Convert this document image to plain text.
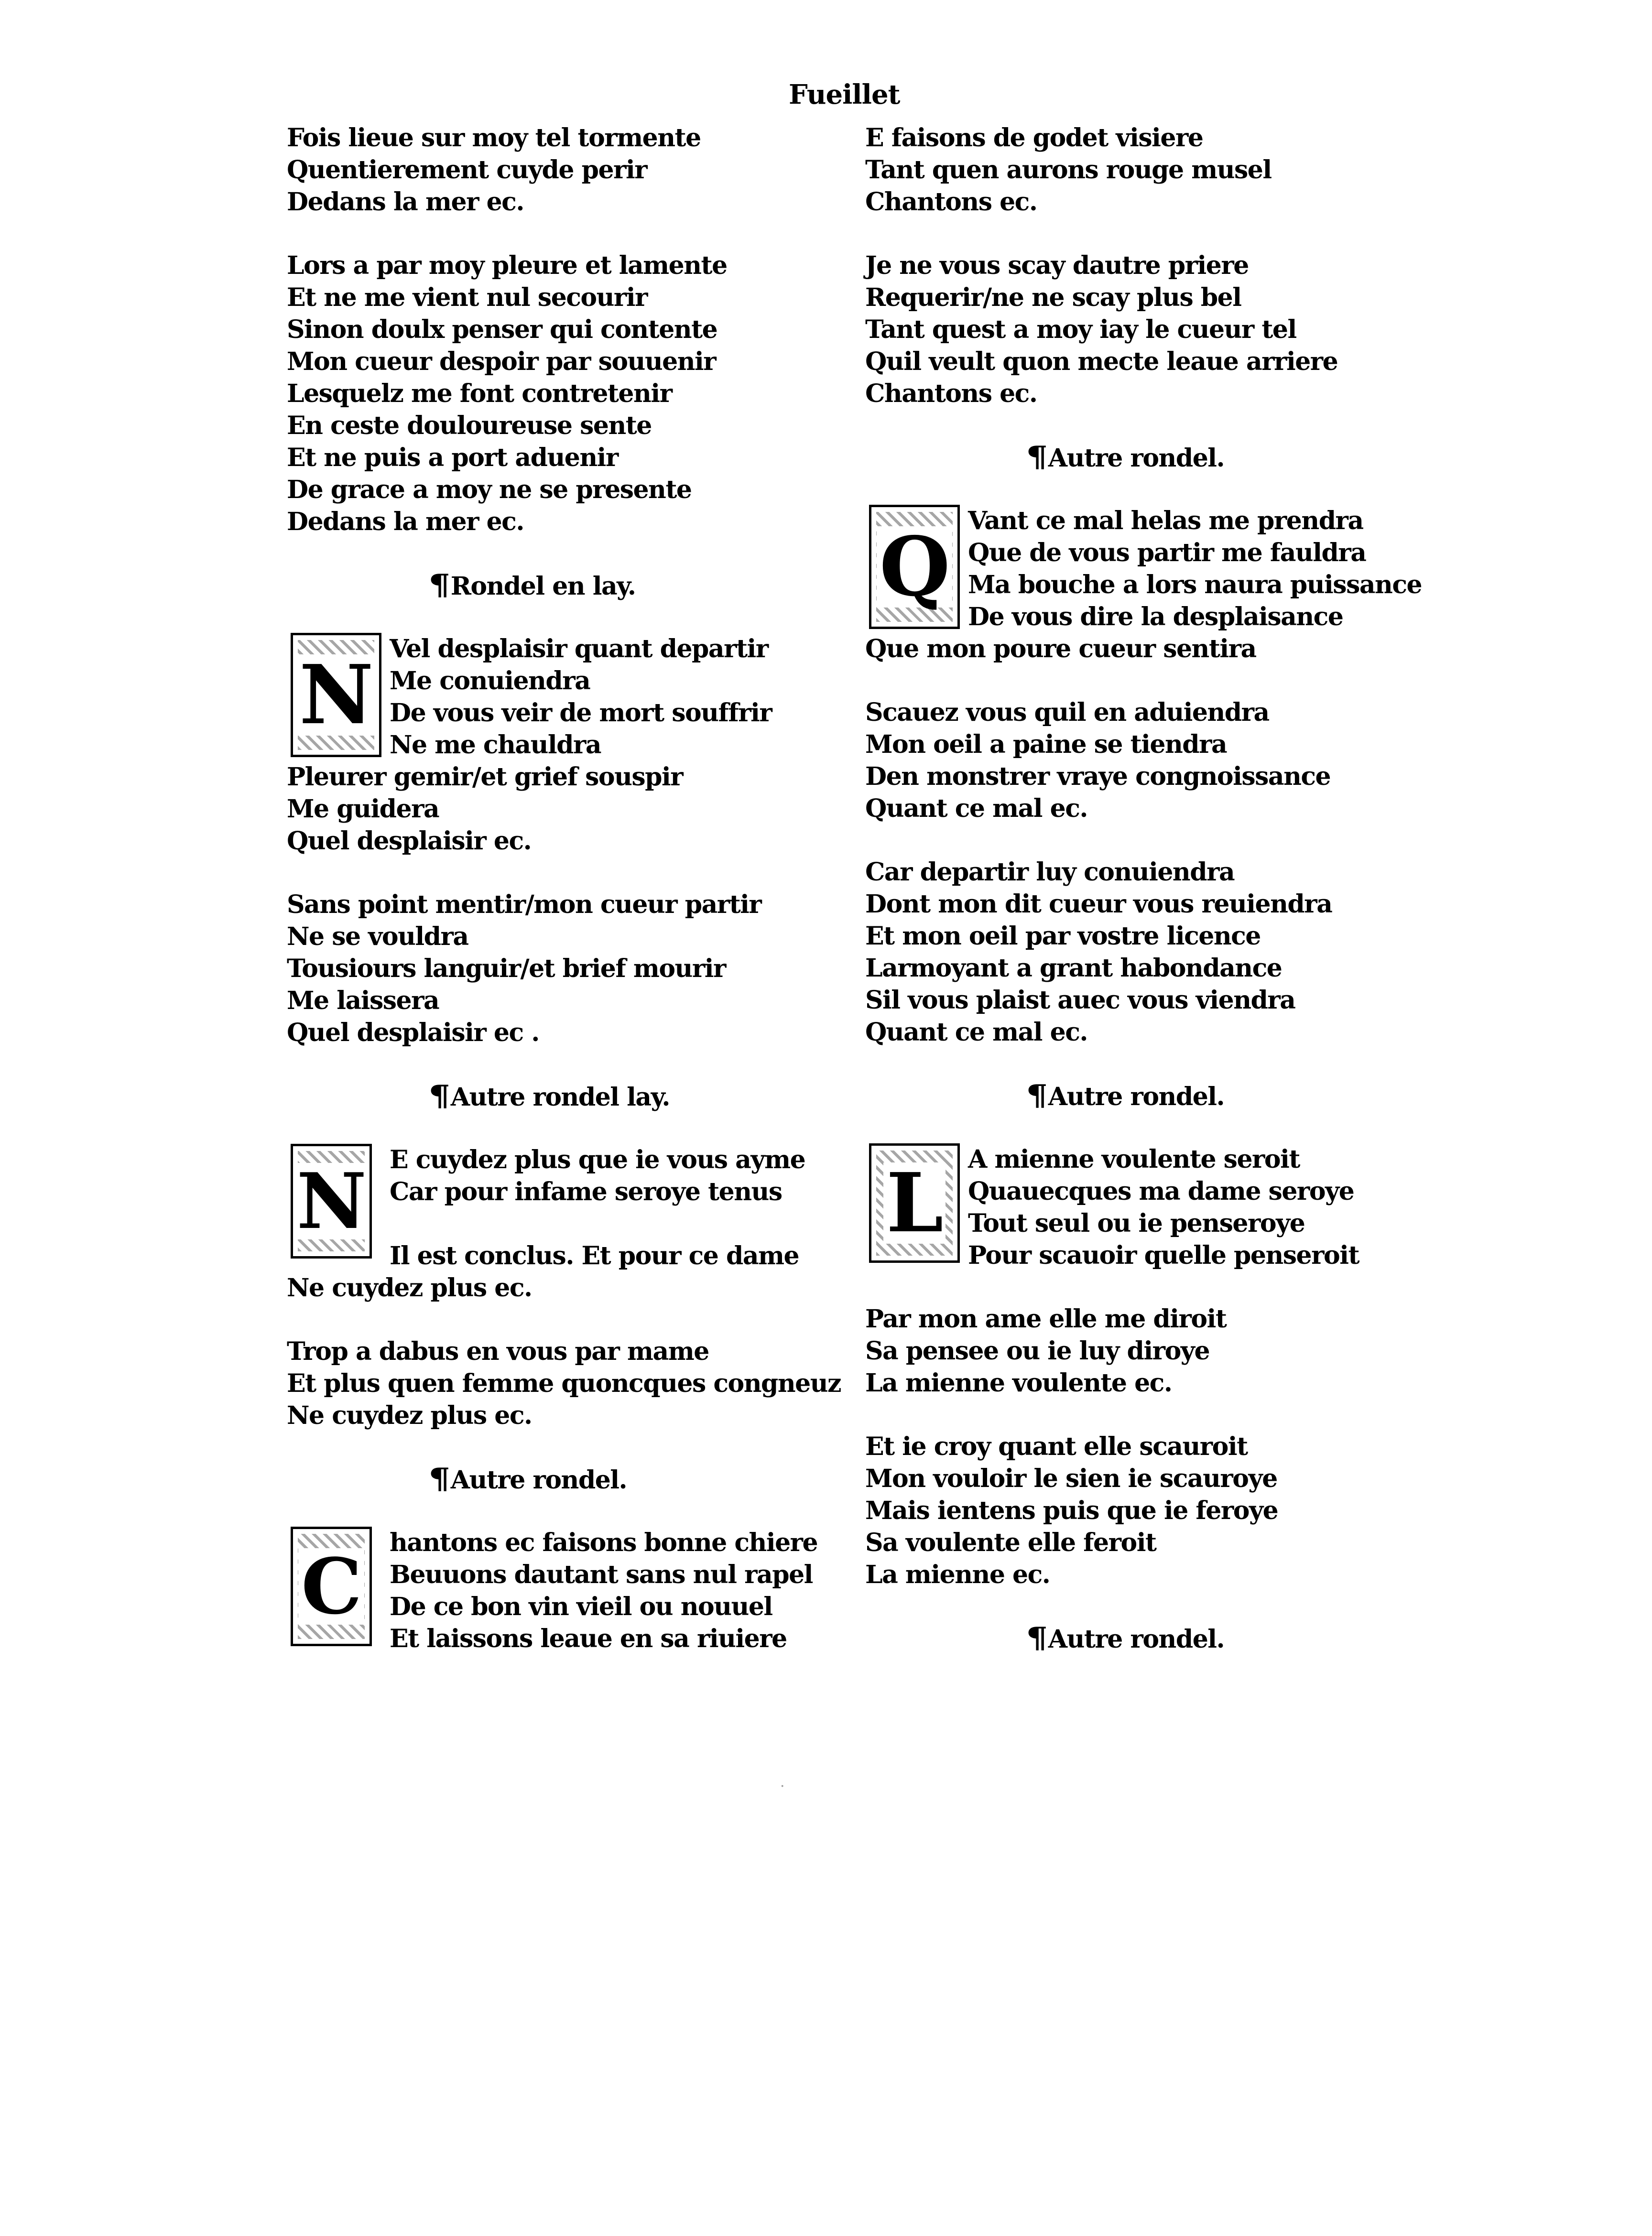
Fueillet
Fois lieue sur moy tel tormente
Quentierement cuyde perir
Dedans la mer ec.
Lors a par moy pleure et lamente
Et ne me vient nul secourir
Sinon doulx penser qui contente
Mon cueur despoir par souuenir
Lesquelz me font contretenir
En ceste douloureuse sente
Et ne puis a port aduenir
De grace a moy ne se presente
Dedans la mer ec.
¶Rondel en lay.
N Vel desplaisir quant departir
Me conuiendra
De vous veir de mort souffrir
Ne me chauldra
Pleurer gemir/et grief souspir
Me guidera
Quel desplaisir ec.
Sans point mentir/mon cueur partir
Ne se vouldra
Tousiours languir/et brief mourir
Me laissera
Quel desplaisir ec .
¶Autre rondel lay.
N E cuydez plus que ie vous ayme
Car pour infame seroye tenus
Il est conclus. Et pour ce dame
Ne cuydez plus ec.
Trop a dabus en vous par mame
Et plus quen femme quoncques congneuz
Ne cuydez plus ec.
¶Autre rondel.
C	hantons ec faisons bonne chiere
Beuuons dautant sans nul rapel
De ce bon vin vieil ou nouuel
Et laissons leaue en sa riuiere
E faisons de godet visiere
Tant quen aurons rouge musel
Chantons ec.
Je ne vous scay dautre priere
Requerir/ne ne scay plus bel
Tant quest a moy iay le cueur tel
Quil veult quon mecte leaue arriere
Chantons ec.
¶Autre rondel.
Q Vant ce mal helas me prendra
Que de vous partir me fauldra
Ma bouche a lors naura puissance
De vous dire la desplaisance
Que mon poure cueur sentira
Scauez vous quil en aduiendra
Mon oeil a paine se tiendra
Den monstrer vraye congnoissance
Quant ce mal ec.
Car departir luy conuiendra
Dont mon dit cueur vous reuiendra
Et mon oeil par vostre licence
Larmoyant a grant habondance
Sil vous plaist auec vous viendra
Quant ce mal ec.
¶Autre rondel.
L	A mienne voulente seroit
Quauecques ma dame seroye
Tout seul ou ie penseroye
Pour scauoir quelle penseroit
Par mon ame elle me diroit
Sa pensee ou ie luy diroye
La mienne voulente ec.
Et ie croy quant elle scauroit
Mon vouloir le sien ie scauroye
Mais ientens puis que ie feroye
Sa voulente elle feroit
La mienne ec.
¶Autre rondel.
·
